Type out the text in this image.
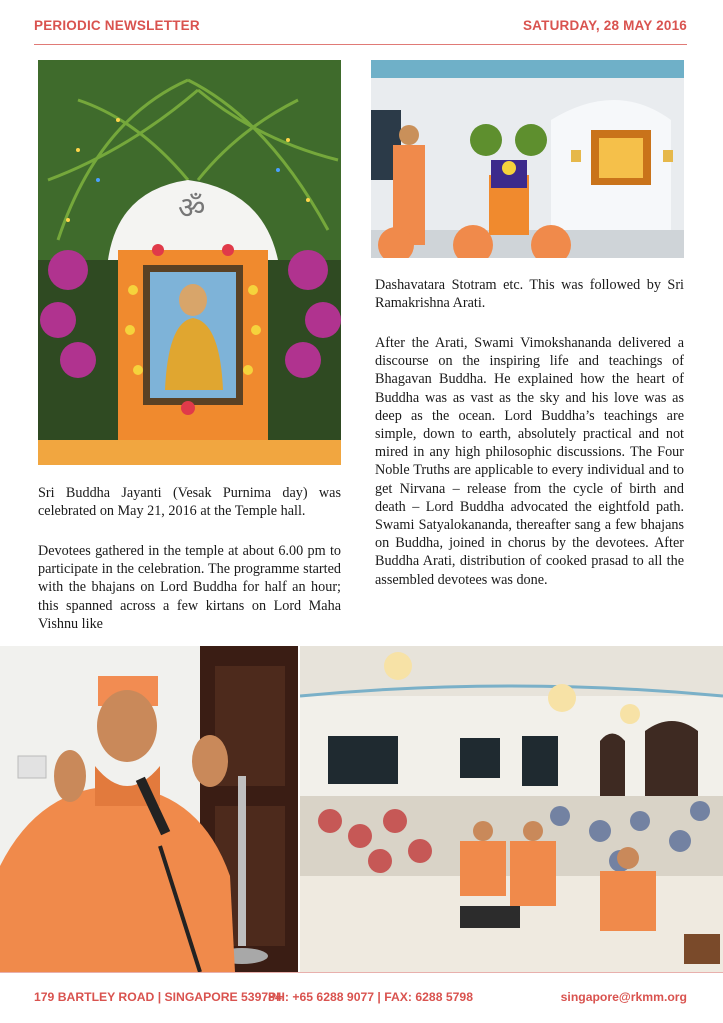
PERIODIC NEWSLETTER	SATURDAY, 28 MAY 2016
ॐ

Sri Buddha Jayanti (Vesak Purnima day) was celebrated on May 21, 2016 at the Temple hall.

Devotees gathered in the temple at about 6.00 pm to participate in the celebration. The programme started with the bhajans on Lord Buddha for half an hour; this spanned across a few kirtans on Lord Maha Vishnu like

Dashavatara Stotram etc. This was followed by Sri Ramakrishna Arati.

After the Arati, Swami Vimokshananda delivered a discourse on the inspiring life and teachings of Bhagavan Buddha. He explained how the heart of Buddha was as vast as the sky and his love was as deep as the ocean. Lord Buddha’s teachings are simple, down to earth, absolutely practical and not mired in any high philosophic discussions. The Four Noble Truths are applicable to every individual and to get Nirvana – release from the cycle of birth and death – Lord Buddha advocated the eightfold path. Swami Satyalokananda, thereafter sang a few bhajans on Buddha, joined in chorus by the devotees. After Buddha Arati, distribution of cooked prasad to all the assembled devotees was done.

179 BARTLEY ROAD | SINGAPORE 539784
PH: +65 6288 9077 | FAX: 6288 5798	singapore@rkmm.org
